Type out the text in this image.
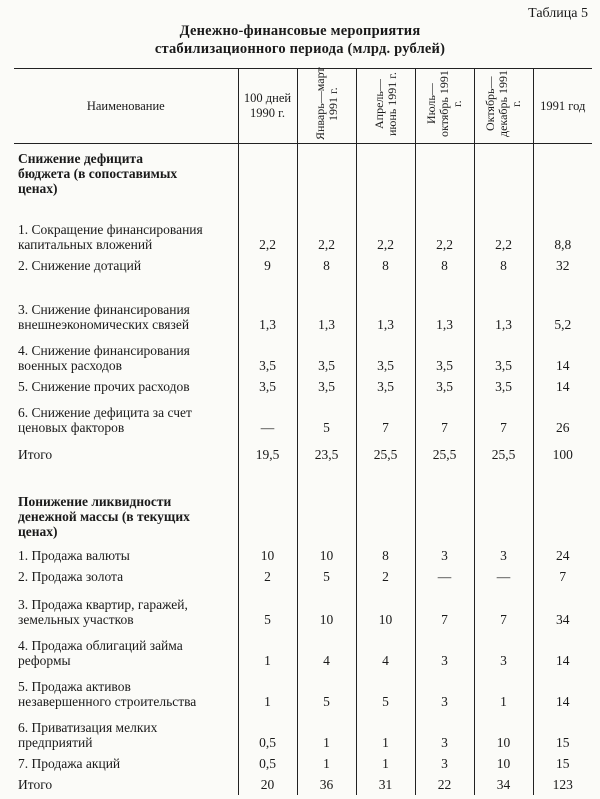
Таблица 5
Денежно-финансовые мероприятия
стабилизационного периода (млрд. рублей)
Наименование	100 дней 1990 г.	Январь—март 1991 г.	Апрель—июнь 1991 г.	Июль—октябрь 1991 г.	Октябрь—декабрь 1991 г.	1991 год
Снижение дефицита бюджета (в сопоставимых ценах)						
1. Сокращение финансирования капитальных вложений	2,2	2,2	2,2	2,2	2,2	8,8
2. Снижение дотаций	9	8	8	8	8	32
3. Снижение финансирования внешнеэкономических связей	1,3	1,3	1,3	1,3	1,3	5,2
4. Снижение финансирования военных расходов	3,5	3,5	3,5	3,5	3,5	14
5. Снижение прочих расходов	3,5	3,5	3,5	3,5	3,5	14
6. Снижение дефицита за счет ценовых факторов	—	5	7	7	7	26
Итого	19,5	23,5	25,5	25,5	25,5	100
Понижение ликвидности денежной массы (в текущих ценах)						
1. Продажа валюты	10	10	8	3	3	24
2. Продажа золота	2	5	2	—	—	7
3. Продажа квартир, гаражей, земельных участков	5	10	10	7	7	34
4. Продажа облигаций займа реформы	1	4	4	3	3	14
5. Продажа активов незавершенного строительства	1	5	5	3	1	14
6. Приватизация мелких предприятий	0,5	1	1	3	10	15
7. Продажа акций	0,5	1	1	3	10	15
Итого	20	36	31	22	34	123
